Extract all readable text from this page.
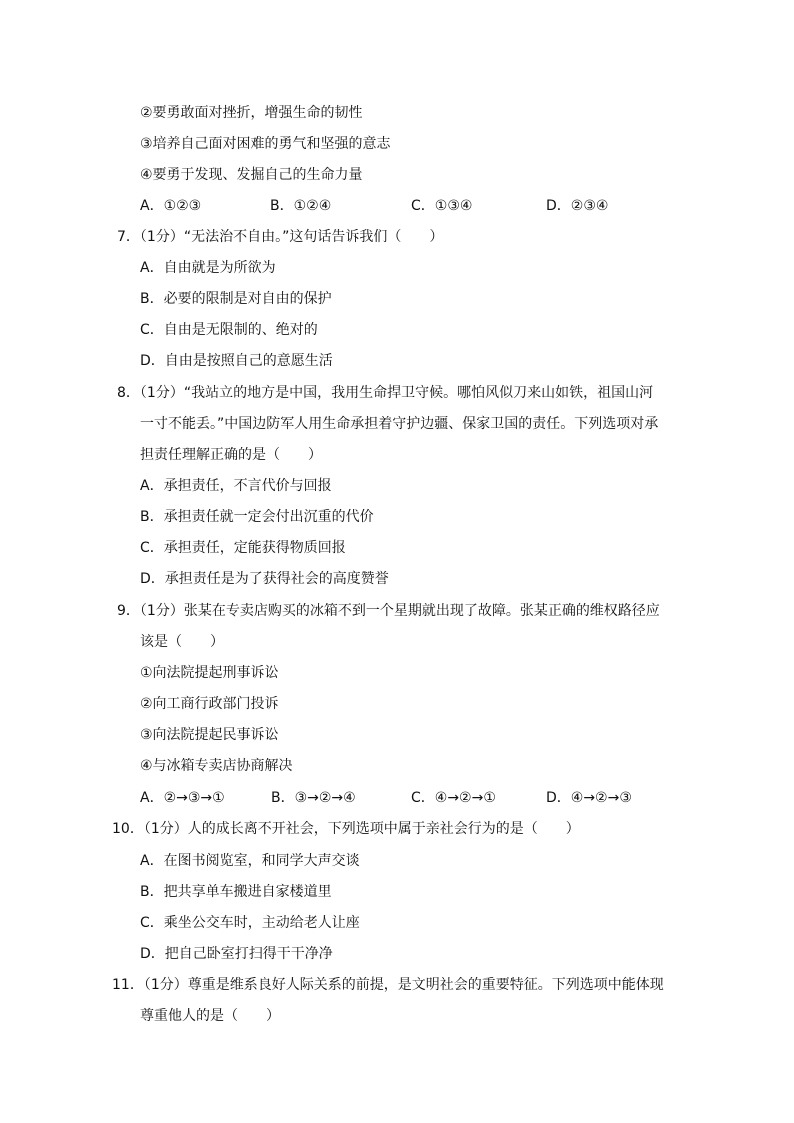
②要勇敢面对挫折，增强生命的韧性
③培养自己面对困难的勇气和坚强的意志
④要勇于发现、发掘自己的生命力量
A．①②③	B．①②④	C．①③④	D．②③④
7．（1分）“无法治不自由。”这句话告诉我们（　　）
A．自由就是为所欲为
B．必要的限制是对自由的保护
C．自由是无限制的、绝对的
D．自由是按照自己的意愿生活
8．（1分）“我站立的地方是中国，我用生命捍卫守候。哪怕风似刀来山如铁，祖国山河
一寸不能丢。”中国边防军人用生命承担着守护边疆、保家卫国的责任。下列选项对承
担责任理解正确的是（　　）
A．承担责任，不言代价与回报
B．承担责任就一定会付出沉重的代价
C．承担责任，定能获得物质回报
D．承担责任是为了获得社会的高度赞誉
9．（1分）张某在专卖店购买的冰箱不到一个星期就出现了故障。张某正确的维权路径应
该是（　　）
①向法院提起刑事诉讼
②向工商行政部门投诉
③向法院提起民事诉讼
④与冰箱专卖店协商解决
A．②→③→①	B．③→②→④	C．④→②→①	D．④→②→③
10．（1分）人的成长离不开社会，下列选项中属于亲社会行为的是（　　）
A．在图书阅览室，和同学大声交谈
B．把共享单车搬进自家楼道里
C．乘坐公交车时，主动给老人让座
D．把自己卧室打扫得干干净净
11．（1分）尊重是维系良好人际关系的前提，是文明社会的重要特征。下列选项中能体现
尊重他人的是（　　）
